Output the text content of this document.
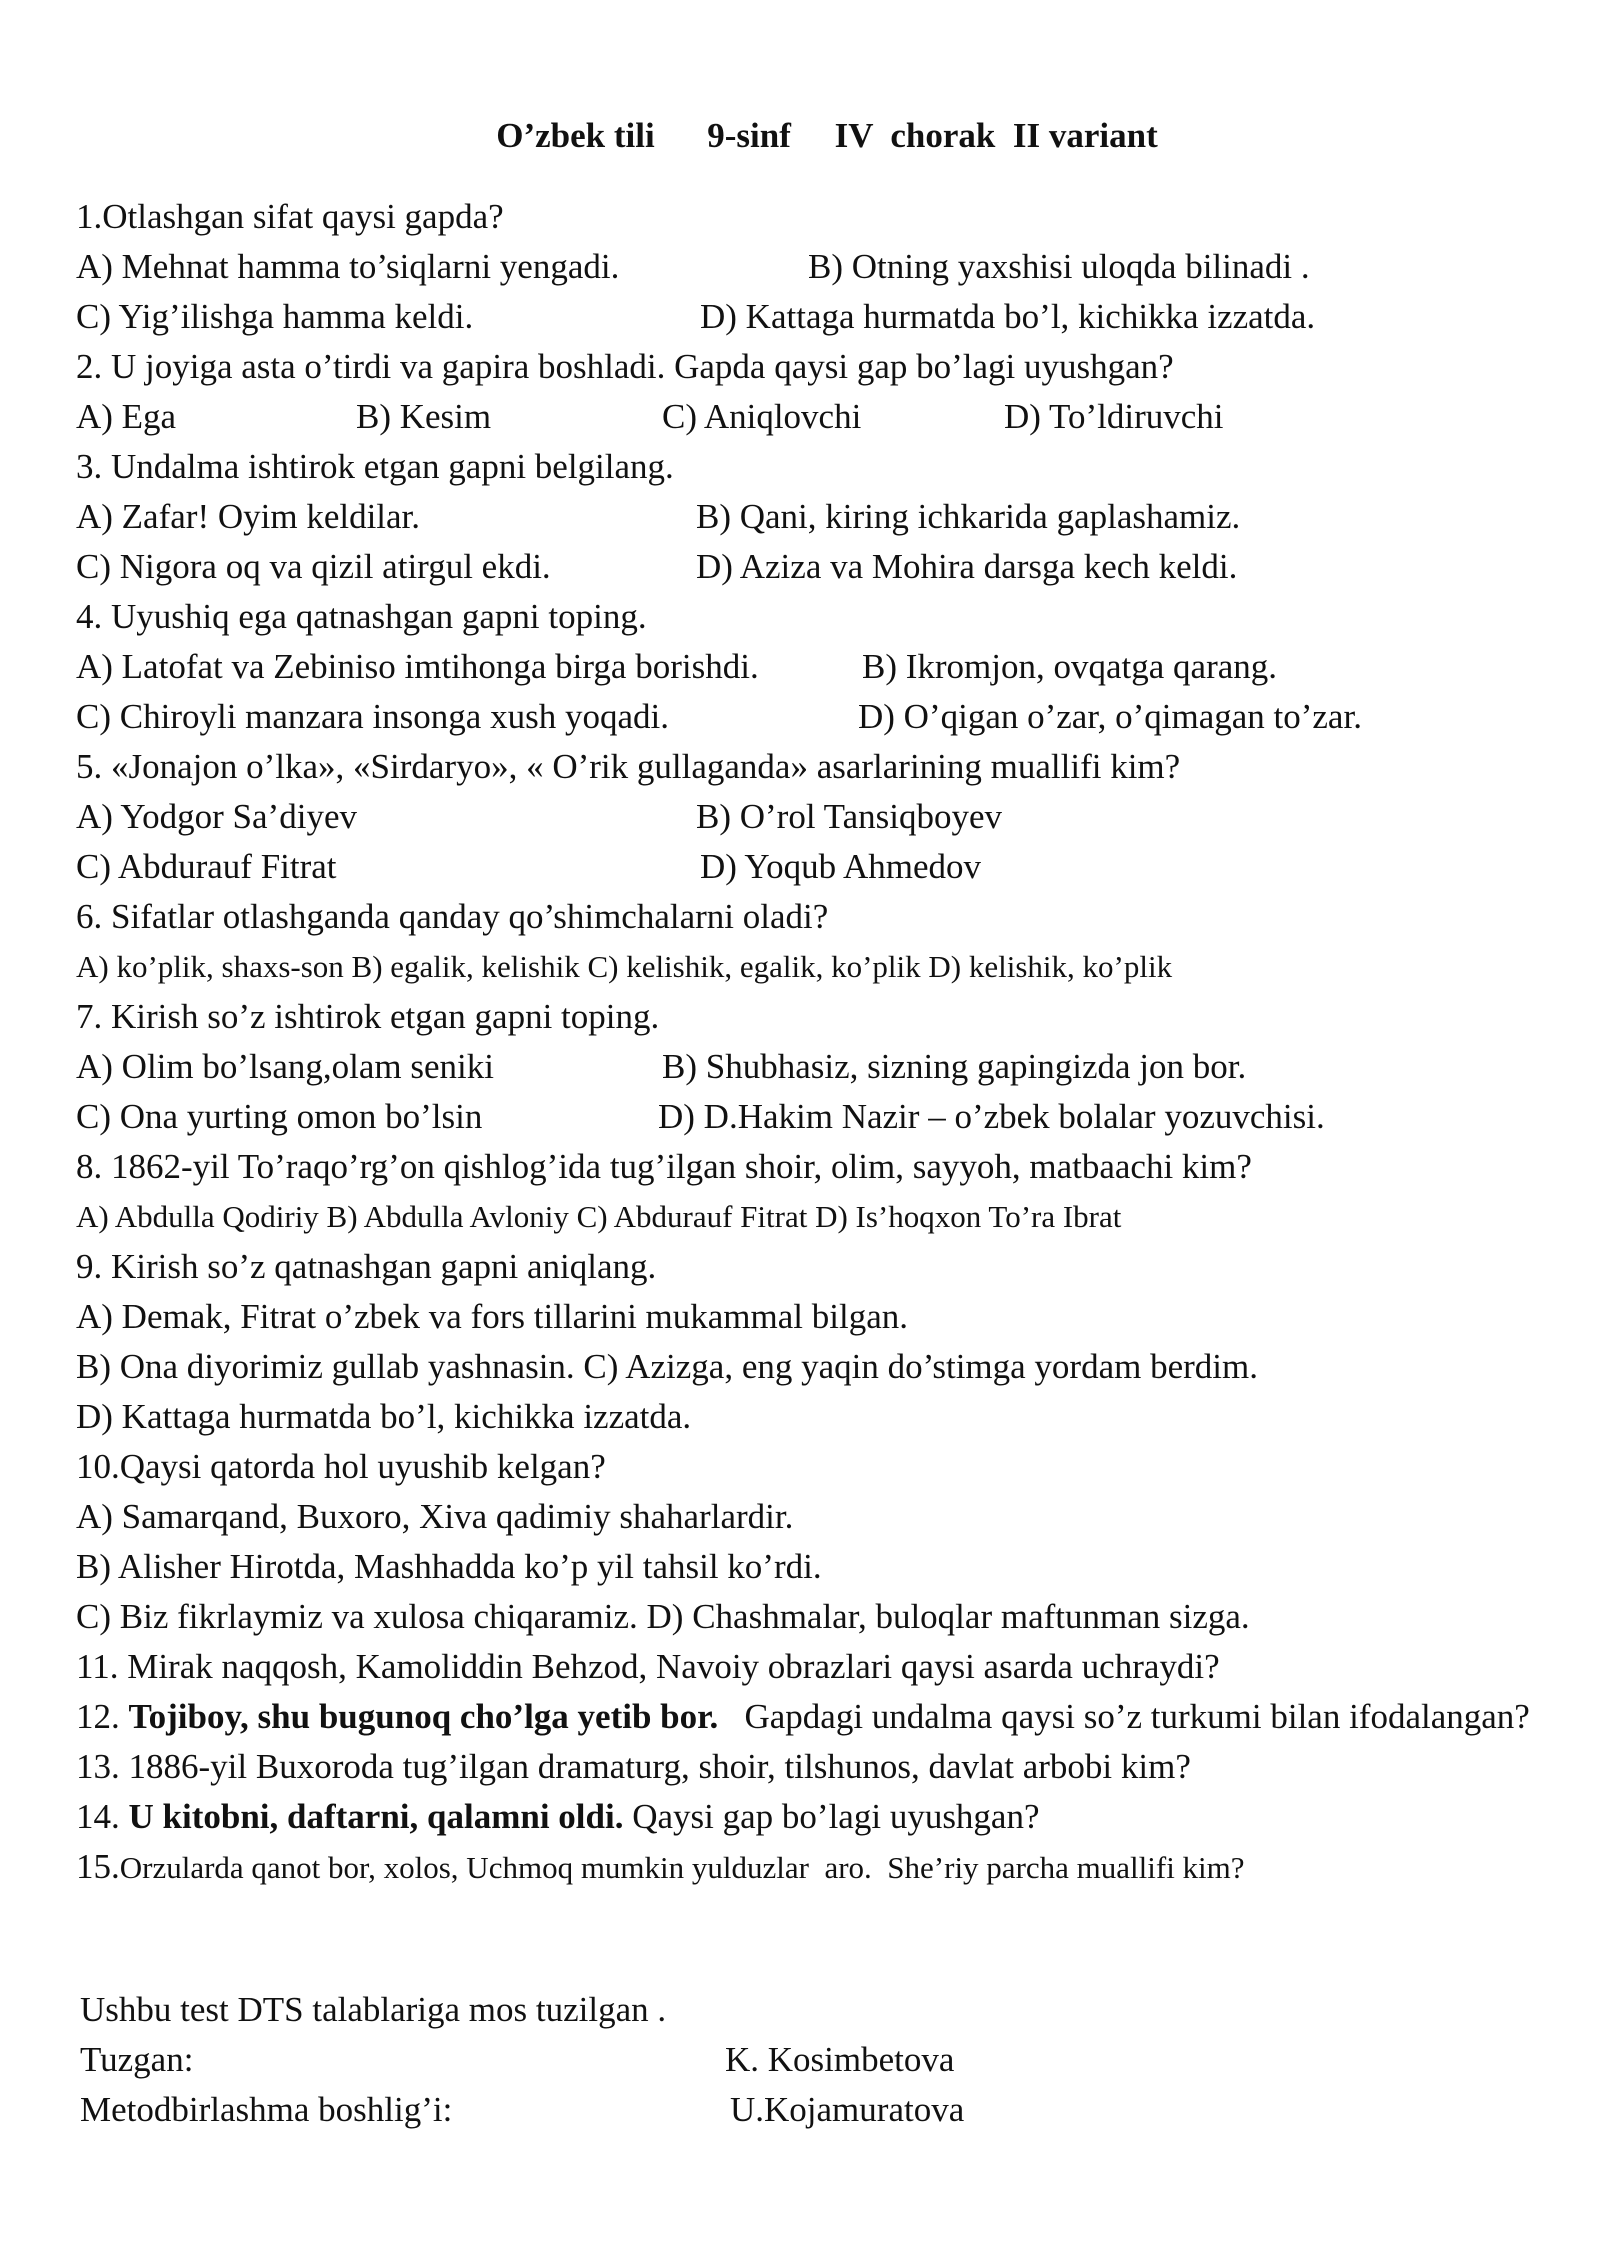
O’zbek tili      9-sinf     IV  chorak  II variant
1.Otlashgan sifat qaysi gapda?
A) Mehnat hamma to’siqlarni yengadi.	B) Otning yaxshisi uloqda bilinadi .
C) Yig’ilishga hamma keldi.	D) Kattaga hurmatda bo’l, kichikka izzatda.
2. U joyiga asta o’tirdi va gapira boshladi. Gapda qaysi gap bo’lagi uyushgan?
A) Ega	B) Kesim	C) Aniqlovchi	D) To’ldiruvchi
3. Undalma ishtirok etgan gapni belgilang.
A) Zafar! Oyim keldilar.	B) Qani, kiring ichkarida gaplashamiz.
C) Nigora oq va qizil atirgul ekdi.	D) Aziza va Mohira darsga kech keldi.
4. Uyushiq ega qatnashgan gapni toping.
A) Latofat va Zebiniso imtihonga birga borishdi.	B) Ikromjon, ovqatga qarang.
C) Chiroyli manzara insonga xush yoqadi.	D) O’qigan o’zar, o’qimagan to’zar.
5. «Jonajon o’lka», «Sirdaryo», « O’rik gullaganda» asarlarining muallifi kim?
A) Yodgor Sa’diyev	B) O’rol Tansiqboyev
C) Abdurauf Fitrat	D) Yoqub Ahmedov
6. Sifatlar otlashganda qanday qo’shimchalarni oladi?
A) ko’plik, shaxs-son B) egalik, kelishik C) kelishik, egalik, ko’plik D) kelishik, ko’plik
7. Kirish so’z ishtirok etgan gapni toping.
A) Olim bo’lsang,olam seniki	B) Shubhasiz, sizning gapingizda jon bor.
C) Ona yurting omon bo’lsin	D) D.Hakim Nazir – o’zbek bolalar yozuvchisi.
8. 1862-yil To’raqo’rg’on qishlog’ida tug’ilgan shoir, olim, sayyoh, matbaachi kim?
A) Abdulla Qodiriy B) Abdulla Avloniy C) Abdurauf Fitrat D) Is’hoqxon To’ra Ibrat
9. Kirish so’z qatnashgan gapni aniqlang.
A) Demak, Fitrat o’zbek va fors tillarini mukammal bilgan.
B) Ona diyorimiz gullab yashnasin. C) Azizga, eng yaqin do’stimga yordam berdim.
D) Kattaga hurmatda bo’l, kichikka izzatda.
10.Qaysi qatorda hol uyushib kelgan?
A) Samarqand, Buxoro, Xiva qadimiy shaharlardir.
B) Alisher Hirotda, Mashhadda ko’p yil tahsil ko’rdi.
C) Biz fikrlaymiz va xulosa chiqaramiz. D) Chashmalar, buloqlar maftunman sizga.
11. Mirak naqqosh, Kamoliddin Behzod, Navoiy obrazlari qaysi asarda uchraydi?
12. Tojiboy, shu bugunoq cho’lga yetib bor.   Gapdagi undalma qaysi so’z turkumi bilan ifodalangan?
13. 1886-yil Buxoroda tug’ilgan dramaturg, shoir, tilshunos, davlat arbobi kim?
14. U kitobni, daftarni, qalamni oldi. Qaysi gap bo’lagi uyushgan?
15.Orzularda qanot bor, xolos, Uchmoq mumkin yulduzlar  aro.  She’riy parcha muallifi kim?
Ushbu test DTS talablariga mos tuzilgan .
Tuzgan:	K. Kosimbetova
Metodbirlashma boshlig’i:	U.Kojamuratova
